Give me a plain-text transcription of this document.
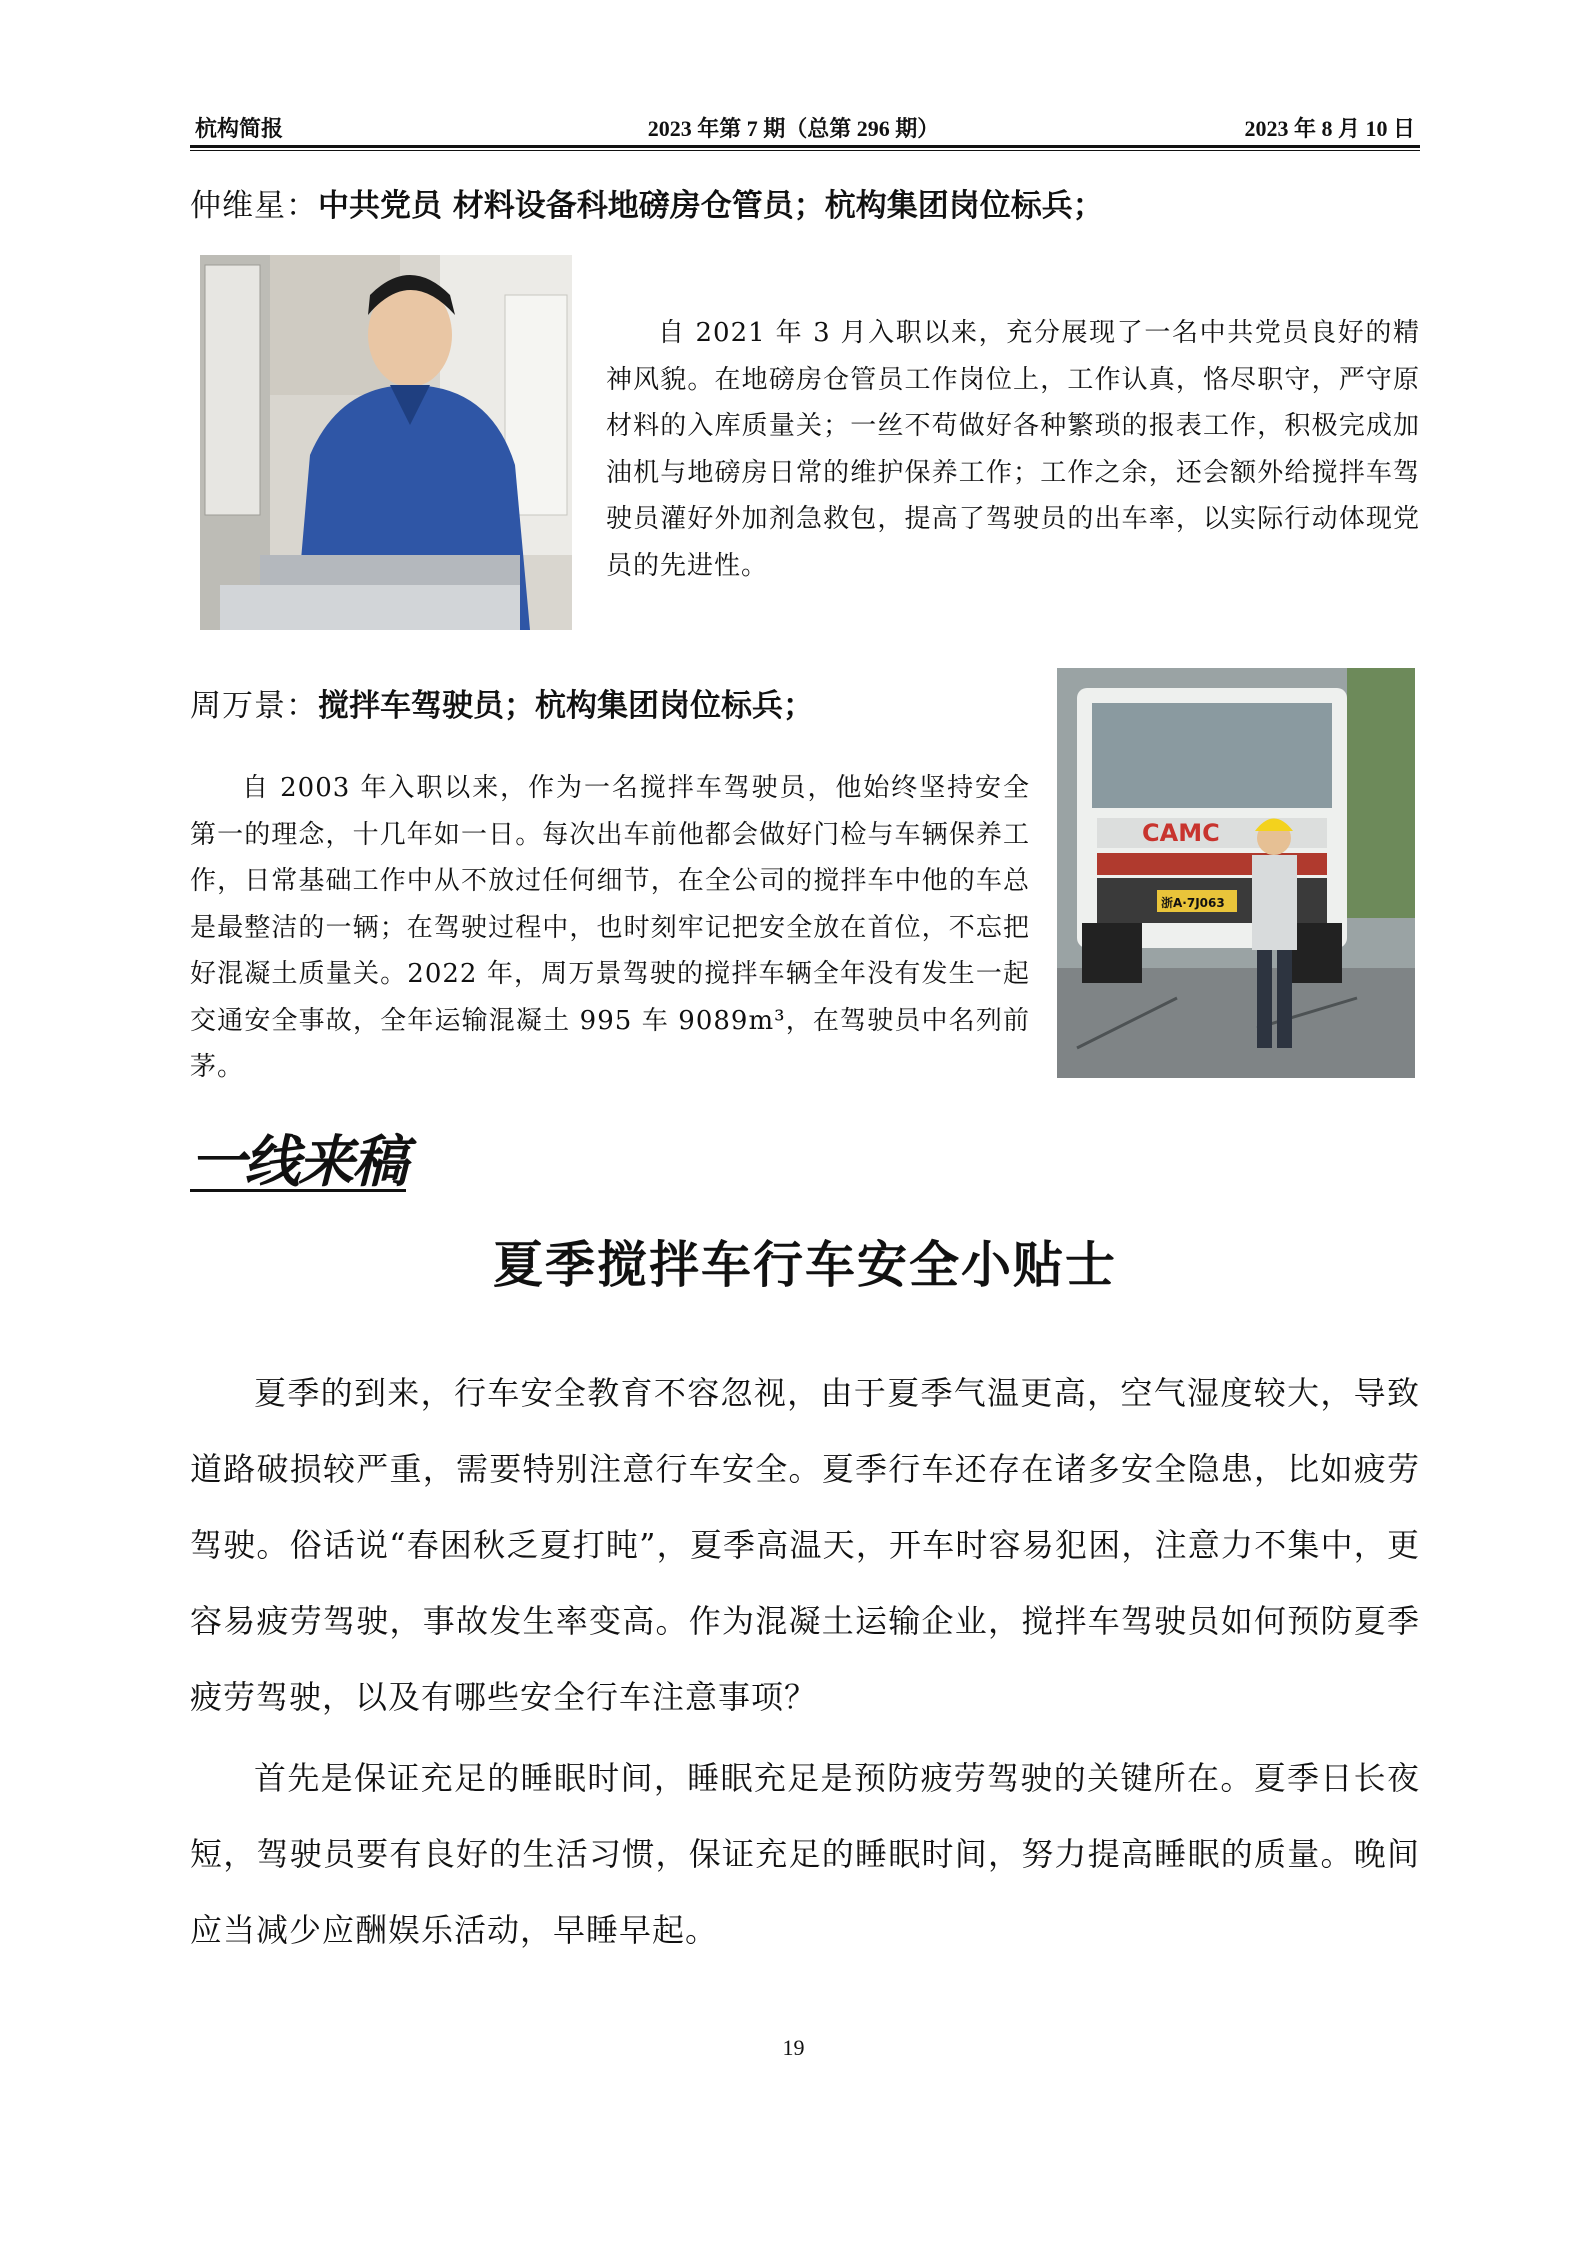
杭构简报	2023 年第 7 期（总第 296 期）	2023 年 8 月 10 日
仲维星：中共党员 材料设备科地磅房仓管员；杭构集团岗位标兵；

自 2021 年 3 月入职以来，充分展现了一名中共党员良好的精神风貌。在地磅房仓管员工作岗位上，工作认真，恪尽职守，严守原材料的入库质量关；一丝不苟做好各种繁琐的报表工作，积极完成加油机与地磅房日常的维护保养工作；工作之余，还会额外给搅拌车驾驶员灌好外加剂急救包，提高了驾驶员的出车率，以实际行动体现党员的先进性。

周万景：搅拌车驾驶员；杭构集团岗位标兵；

自 2003 年入职以来，作为一名搅拌车驾驶员，他始终坚持安全第一的理念，十几年如一日。每次出车前他都会做好门检与车辆保养工作，日常基础工作中从不放过任何细节，在全公司的搅拌车中他的车总是最整洁的一辆；在驾驶过程中，也时刻牢记把安全放在首位，不忘把好混凝土质量关。2022 年，周万景驾驶的搅拌车辆全年没有发生一起交通安全事故，全年运输混凝土 995 车 9089m³，在驾驶员中名列前茅。

CAMC
浙A·7J063
一线来稿
夏季搅拌车行车安全小贴士

夏季的到来，行车安全教育不容忽视，由于夏季气温更高，空气湿度较大，导致道路破损较严重，需要特别注意行车安全。夏季行车还存在诸多安全隐患，比如疲劳驾驶。俗话说“春困秋乏夏打盹”，夏季高温天，开车时容易犯困，注意力不集中，更容易疲劳驾驶，事故发生率变高。作为混凝土运输企业，搅拌车驾驶员如何预防夏季疲劳驾驶，以及有哪些安全行车注意事项？

首先是保证充足的睡眠时间，睡眠充足是预防疲劳驾驶的关键所在。夏季日长夜短，驾驶员要有良好的生活习惯，保证充足的睡眠时间，努力提高睡眠的质量。晚间应当减少应酬娱乐活动，早睡早起。

19
